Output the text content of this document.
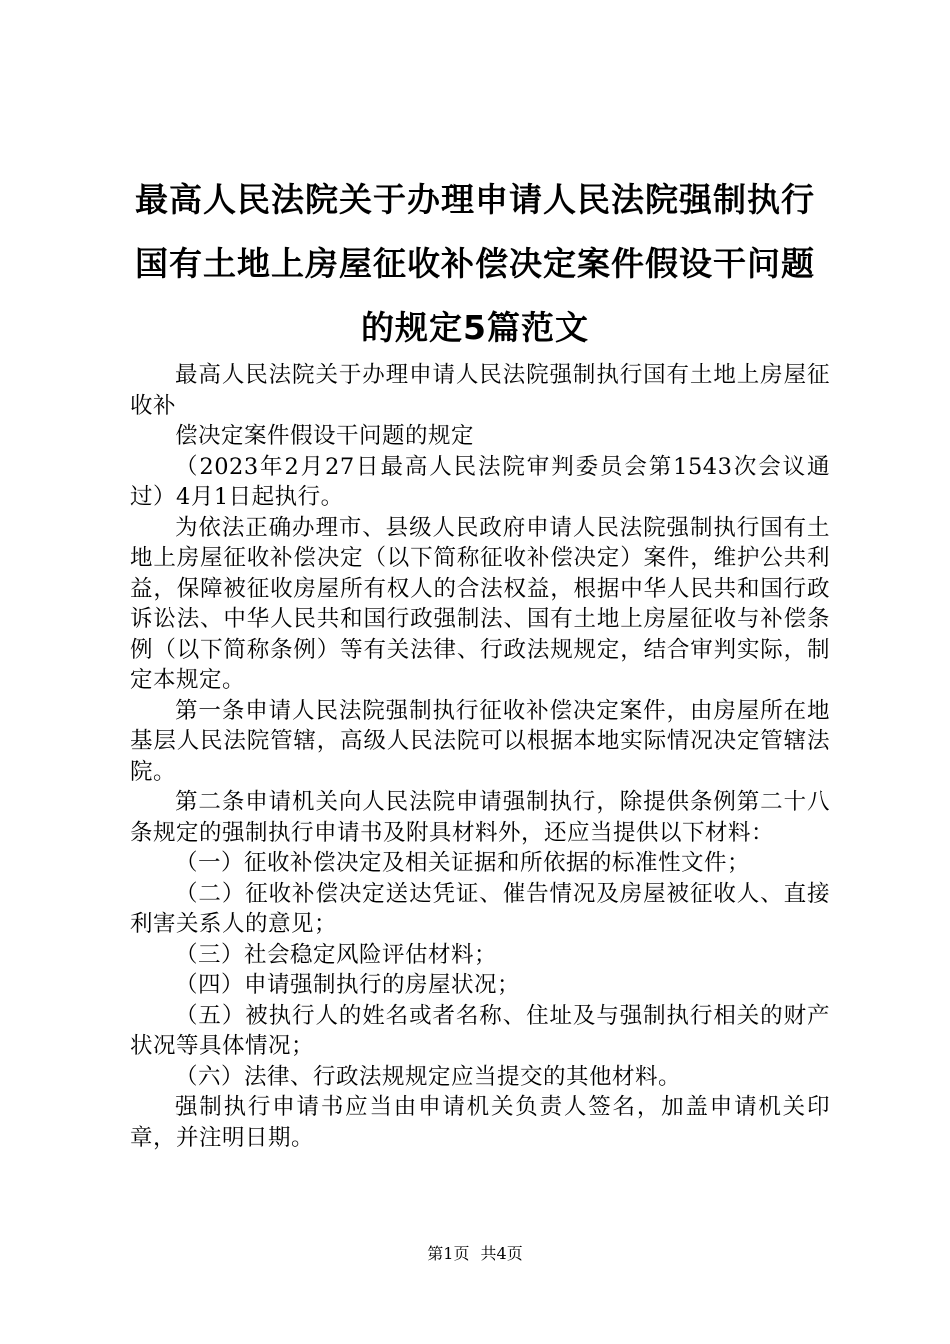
最高人民法院关于办理申请人民法院强制执行
国有土地上房屋征收补偿决定案件假设干问题
的规定5篇范文

最高人民法院关于办理申请人民法院强制执行国有土地上房屋征收补

偿决定案件假设干问题的规定

（2023年2月27日最高人民法院审判委员会第1543次会议通过）4月1日起执行。

为依法正确办理市、县级人民政府申请人民法院强制执行国有土地上房屋征收补偿决定（以下简称征收补偿决定）案件，维护公共利益，保障被征收房屋所有权人的合法权益，根据中华人民共和国行政诉讼法、中华人民共和国行政强制法、国有土地上房屋征收与补偿条例（以下简称条例）等有关法律、行政法规规定，结合审判实际，制定本规定。

第一条申请人民法院强制执行征收补偿决定案件，由房屋所在地基层人民法院管辖，高级人民法院可以根据本地实际情况决定管辖法院。

第二条申请机关向人民法院申请强制执行，除提供条例第二十八条规定的强制执行申请书及附具材料外，还应当提供以下材料：

（一）征收补偿决定及相关证据和所依据的标准性文件；

（二）征收补偿决定送达凭证、催告情况及房屋被征收人、直接利害关系人的意见；

（三）社会稳定风险评估材料；

（四）申请强制执行的房屋状况；

（五）被执行人的姓名或者名称、住址及与强制执行相关的财产状况等具体情况；

（六）法律、行政法规规定应当提交的其他材料。

强制执行申请书应当由申请机关负责人签名，加盖申请机关印章，并注明日期。

第1页 共4页
